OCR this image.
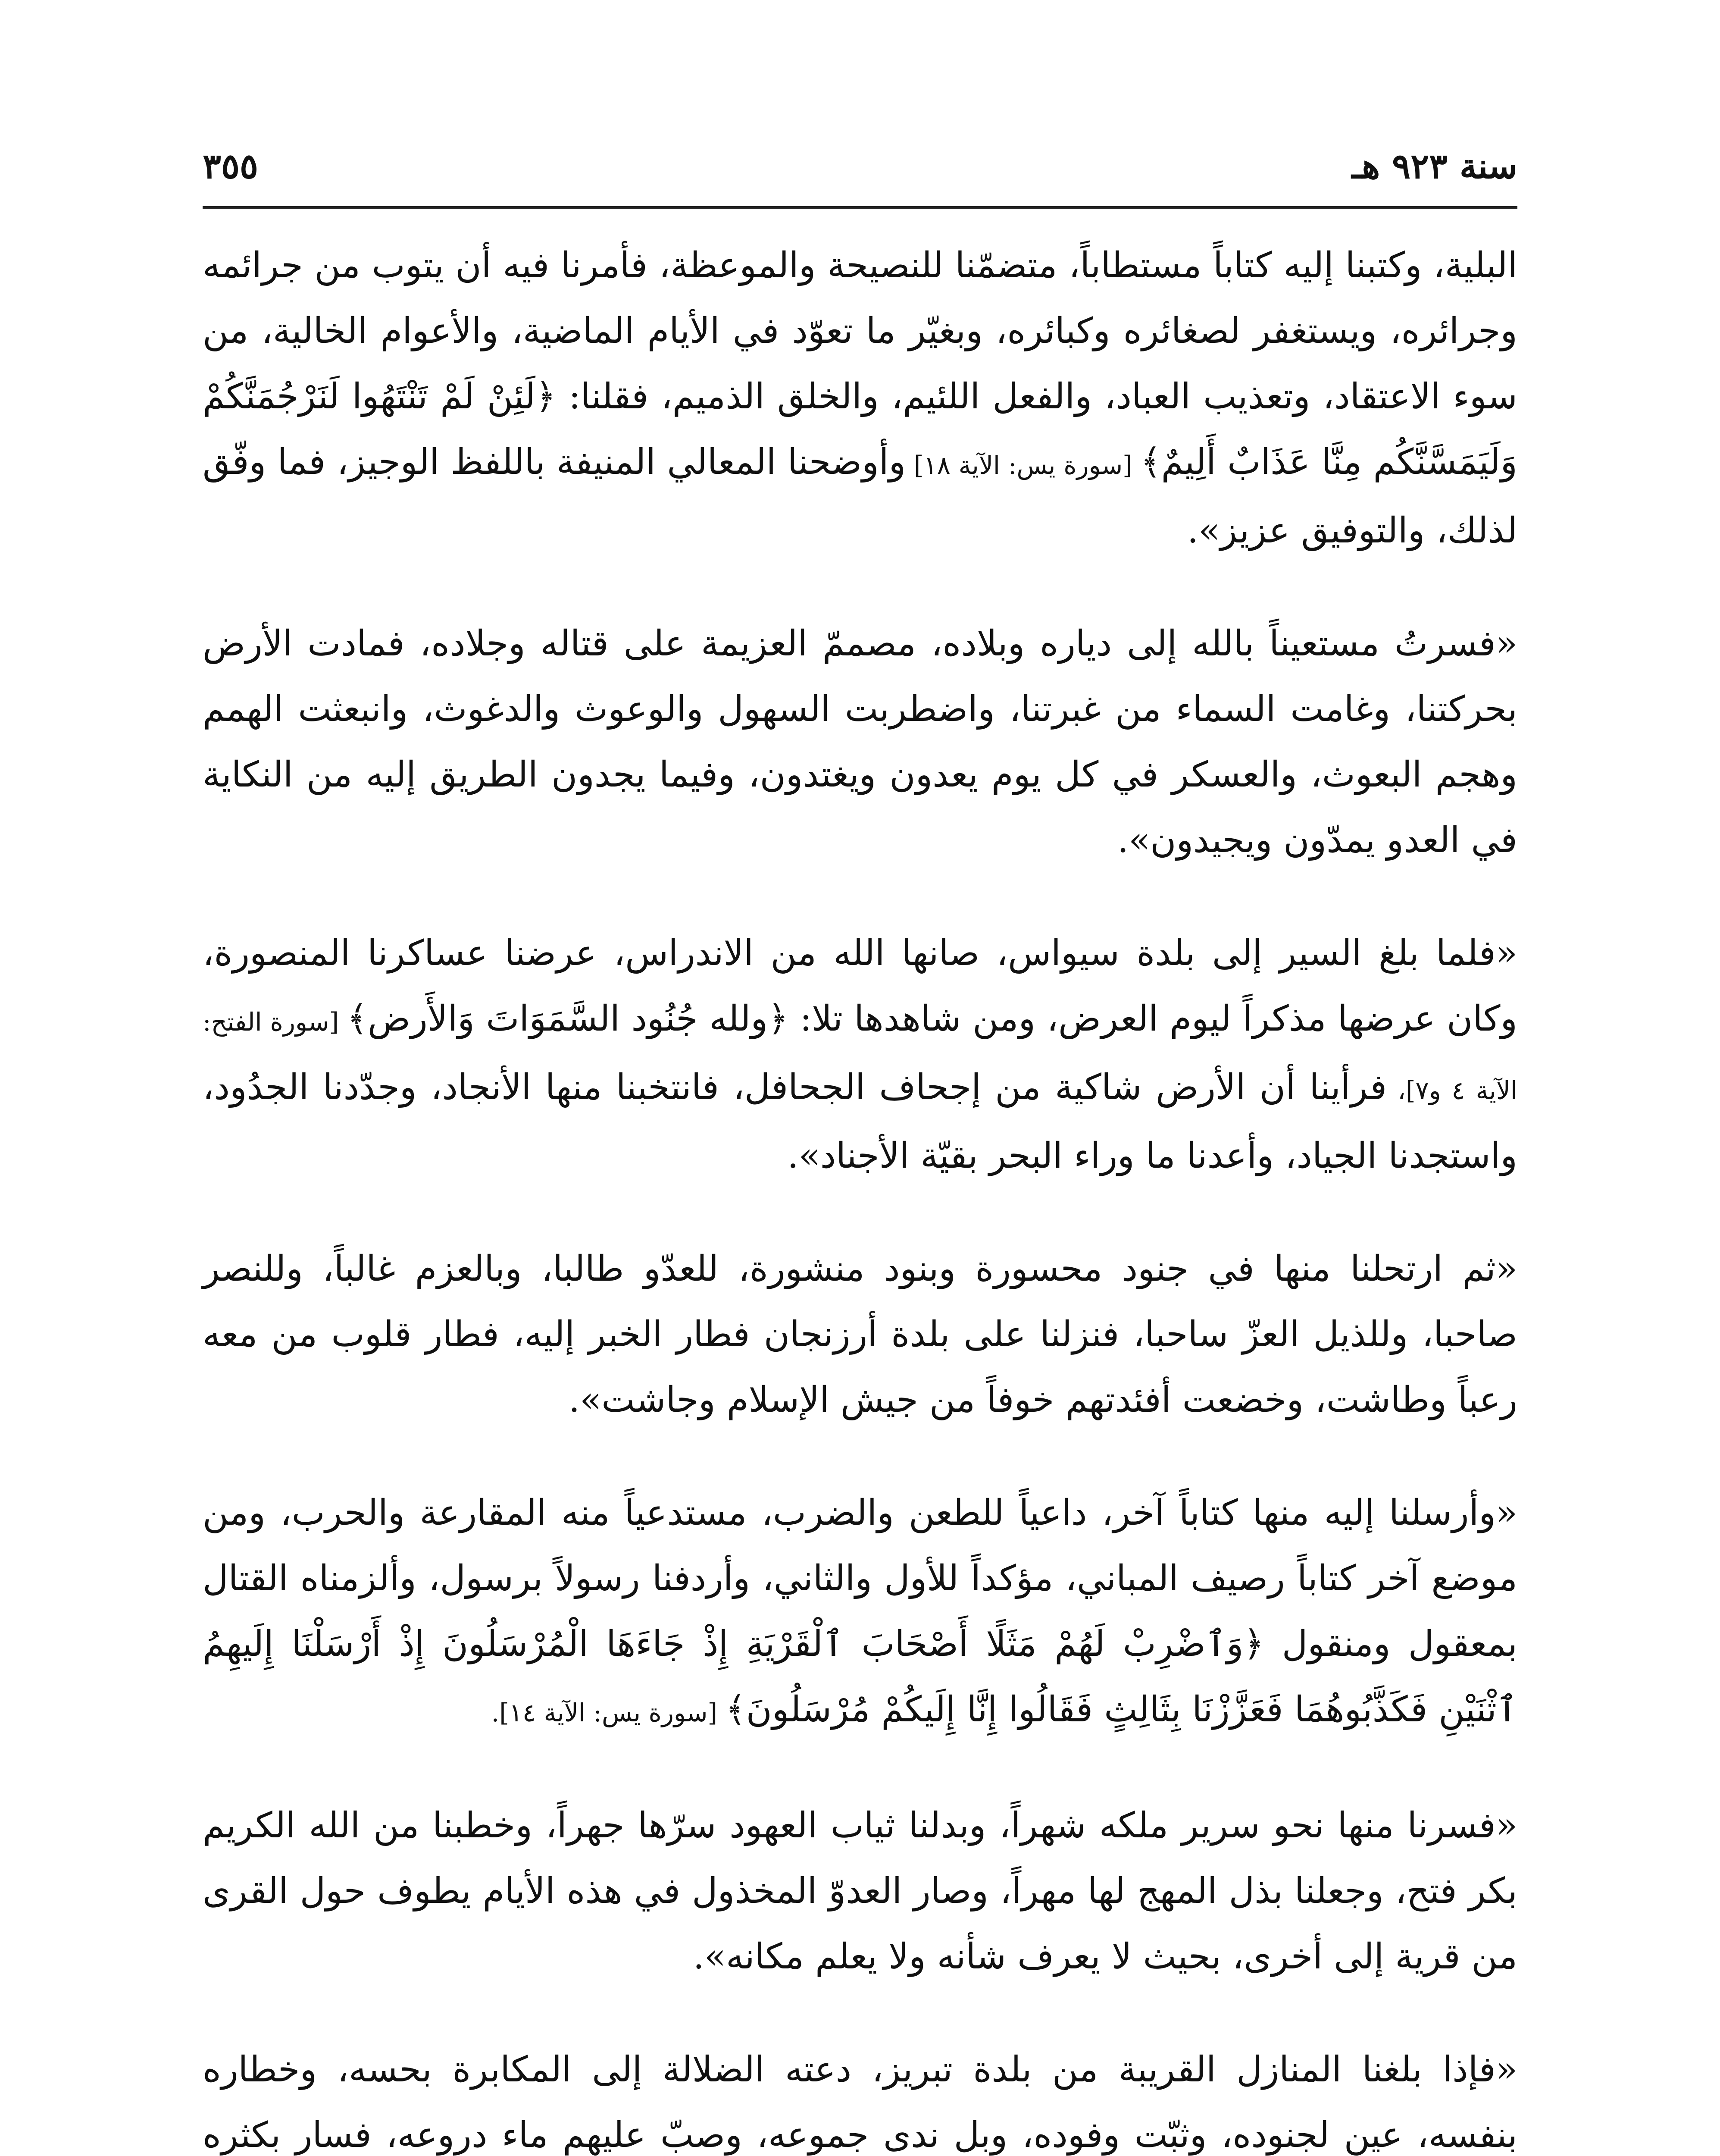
سنة ٩٢٣ هـ
٣٥٥

البلية، وكتبنا إليه كتاباً مستطاباً، متضمّنا للنصيحة والموعظة، فأمرنا فيه أن يتوب من جرائمه وجرائره، ويستغفر لصغائره وكبائره، وبغيّر ما تعوّد في الأيام الماضية، والأعوام الخالية، من سوء الاعتقاد، وتعذيب العباد، والفعل اللئيم، والخلق الذميم، فقلنا: ﴿لَئِنْ لَمْ تَنْتَهُوا لَنَرْجُمَنَّكُمْ وَلَيَمَسَّنَّكُم مِنَّا عَذَابٌ أَلِيمٌ﴾ [سورة يس: الآية ١٨] وأوضحنا المعالي المنيفة باللفظ الوجيز، فما وفّق لذلك، والتوفيق عزيز».

«فسرتُ مستعيناً بالله إلى دياره وبلاده، مصممّ العزيمة على قتاله وجلاده، فمادت الأرض بحركتنا، وغامت السماء من غبرتنا، واضطربت السهول والوعوث والدغوث، وانبعثت الهمم وهجم البعوث، والعسكر في كل يوم يعدون ويغتدون، وفيما يجدون الطريق إليه من النكاية في العدو يمدّون ويجيدون».

«فلما بلغ السير إلى بلدة سيواس، صانها الله من الاندراس، عرضنا عساكرنا المنصورة، وكان عرضها مذكراً ليوم العرض، ومن شاهدها تلا: ﴿ولله جُنُود السَّمَوَاتَ وَالأَرض﴾ [سورة الفتح: الآية ٤ و٧]، فرأينا أن الأرض شاكية من إجحاف الجحافل، فانتخبنا منها الأنجاد، وجدّدنا الجدُود، واستجدنا الجياد، وأعدنا ما وراء البحر بقيّة الأجناد».

«ثم ارتحلنا منها في جنود محسورة وبنود منشورة، للعدّو طالبا، وبالعزم غالباً، وللنصر صاحبا، وللذيل العزّ ساحبا، فنزلنا على بلدة أرزنجان فطار الخبر إليه، فطار قلوب من معه رعباً وطاشت، وخضعت أفئدتهم خوفاً من جيش الإسلام وجاشت».

«وأرسلنا إليه منها كتاباً آخر، داعياً للطعن والضرب، مستدعياً منه المقارعة والحرب، ومن موضع آخر كتاباً رصيف المباني، مؤكداً للأول والثاني، وأردفنا رسولاً برسول، وألزمناه القتال بمعقول ومنقول ﴿وَٱضْرِبْ لَهُمْ مَثَلًا أَصْحَابَ ٱلْقَرْيَةِ إِذْ جَاءَهَا الْمُرْسَلُونَ إِذْ أَرْسَلْنَا إِلَيهِمُ ٱثْنَيْنِ فَكَذَّبُوهُمَا فَعَزَّزْنَا بِثَالِثٍ فَقَالُوا إِنَّا إِلَيكُمْ مُرْسَلُونَ﴾ [سورة يس: الآية ١٤].

«فسرنا منها نحو سرير ملكه شهراً، وبدلنا ثياب العهود سرّها جهراً، وخطبنا من الله الكريم بكر فتح، وجعلنا بذل المهج لها مهراً، وصار العدوّ المخذول في هذه الأيام يطوف حول القرى من قرية إلى أخرى، بحيث لا يعرف شأنه ولا يعلم مكانه».

«فإذا بلغنا المنازل القريبة من بلدة تبريز، دعته الضلالة إلى المكابرة بحسه، وخطاره بنفسه، عين لجنوده، وثبّت وفوده، وبل ندى جموعه، وصبّ عليهم ماء دروعه، فسار بكثره
